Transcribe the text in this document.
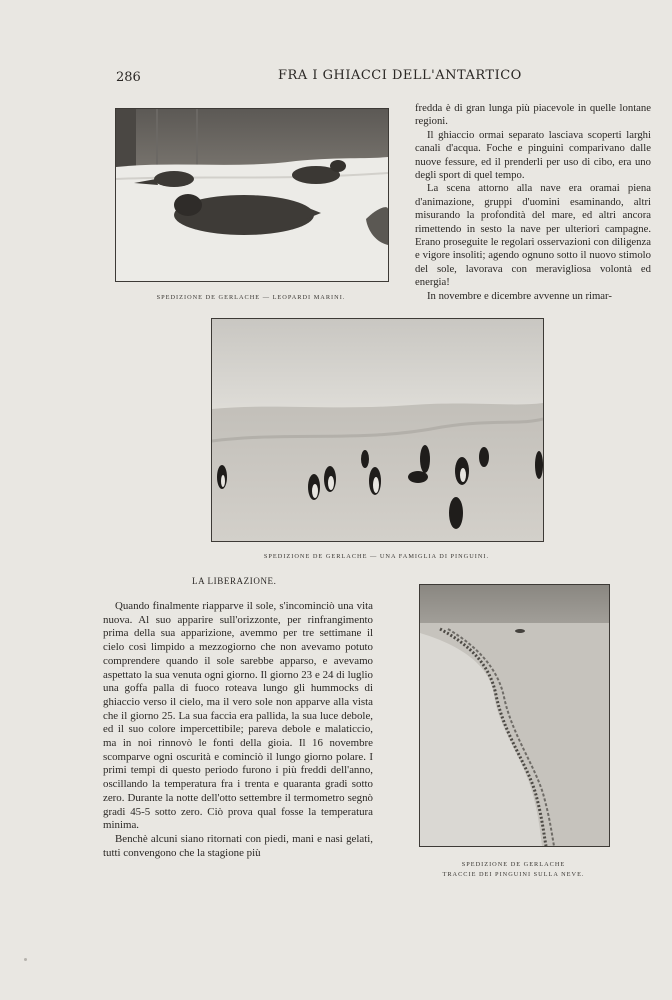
286	FRA I GHIACCI DELL'ANTARTICO
SPEDIZIONE DE GERLACHE — LEOPARDI MARINI.

fredda è di gran lunga più piacevole in quelle lontane regioni.

Il ghiaccio ormai separato lasciava scoperti larghi canali d'acqua. Foche e pinguini comparivano dalle nuove fessure, ed il prenderli per uso di cibo, era uno degli sport di quel tempo.

La scena attorno alla nave era oramai piena d'animazione, gruppi d'uomini esaminando, altri misurando la profondità del mare, ed altri ancora rimettendo in sesto la nave per ulteriori campagne. Erano proseguite le regolari osservazioni con diligenza e vigore insoliti; agendo ognuno sotto il nuovo stimolo del sole, lavorava con meravigliosa volontà ed energia!

In novembre e dicembre avvenne un rimar-

SPEDIZIONE DE GERLACHE — UNA FAMIGLIA DI PINGUINI.
LA LIBERAZIONE.

Quando finalmente riapparve il sole, s'incominciò una vita nuova. Al suo apparire sull'orizzonte, per rinfrangimento prima della sua apparizione, avemmo per tre settimane il cielo così limpido a mezzogiorno che non avevamo potuto comprendere quando il sole sarebbe apparso, e avevamo aspettato la sua venuta ogni giorno. Il giorno 23 e 24 di luglio una goffa palla di fuoco roteava lungo gli hummocks di ghiaccio verso il cielo, ma il vero sole non apparve alla vista che il giorno 25. La sua faccia era pallida, la sua luce debole, ed il suo colore impercettibile; pareva debole e malaticcio, ma in noi rinnovò le fonti della gioia. Il 16 novembre scomparve ogni oscurità e cominciò il lungo giorno polare. I primi tempi di questo periodo furono i più freddi dell'anno, oscillando la temperatura fra i trenta e quaranta gradi sotto zero. Durante la notte dell'otto settembre il termometro segnò gradi 45-5 sotto zero. Ciò prova qual fosse la temperatura minima.

Benchè alcuni siano ritornati con piedi, mani e nasi gelati, tutti convengono che la stagione più

SPEDIZIONE DE GERLACHE
TRACCIE DEI PINGUINI SULLA NEVE.
